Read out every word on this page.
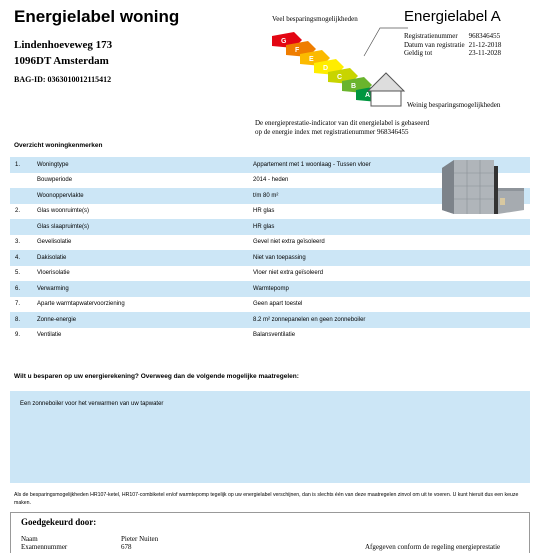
Energielabel woning
Lindenhoeveweg 173
1096DT Amsterdam
BAG-ID: 0363010012115412
Veel besparingsmogelijkheden
G
F
E
D
C
B
A
Weinig besparingsmogelijkheden
Energielabel A
Registratienummer	968346455
Datum van registratie	21-12-2018
Geldig tot	23-11-2028
De energieprestatie-indicator van dit energielabel is gebaseerd
op de energie index met registratienummer 968346455
Overzicht woningkenmerken
1.	Woningtype	Appartement met 1 woonlaag - Tussen vloer
Bouwperiode	2014 - heden
Woonoppervlakte	t/m 80 m²
2.	Glas woonruimte(s)	HR glas
Glas slaapruimte(s)	HR glas
3.	Gevelisolatie	Gevel niet extra geïsoleerd
4.	Dakisolatie	Niet van toepassing
5.	Vloerisolatie	Vloer niet extra geïsoleerd
6.	Verwarming	Warmtepomp
7.	Aparte warmtapwatervoorziening	Geen apart toestel
8.	Zonne-energie	8.2 m² zonnepanelen en geen zonneboiler
9.	Ventilatie	Balansventilatie
Wilt u besparen op uw energierekening? Overweeg dan de volgende mogelijke maatregelen:
Een zonneboiler voor het verwarmen van uw tapwater
Als de besparingsmogelijkheden HR107-ketel, HR107-combiketel en/of warmtepomp tegelijk op uw energielabel verschijnen, dan is slechts één van deze maatregelen zinvol om uit te voeren. U kunt hieruit dus een keuze maken.
Goedgekeurd door:
Naam	Pieter Nuiten
Examennummer	678	Afgegeven conform de regeling energieprestatie
